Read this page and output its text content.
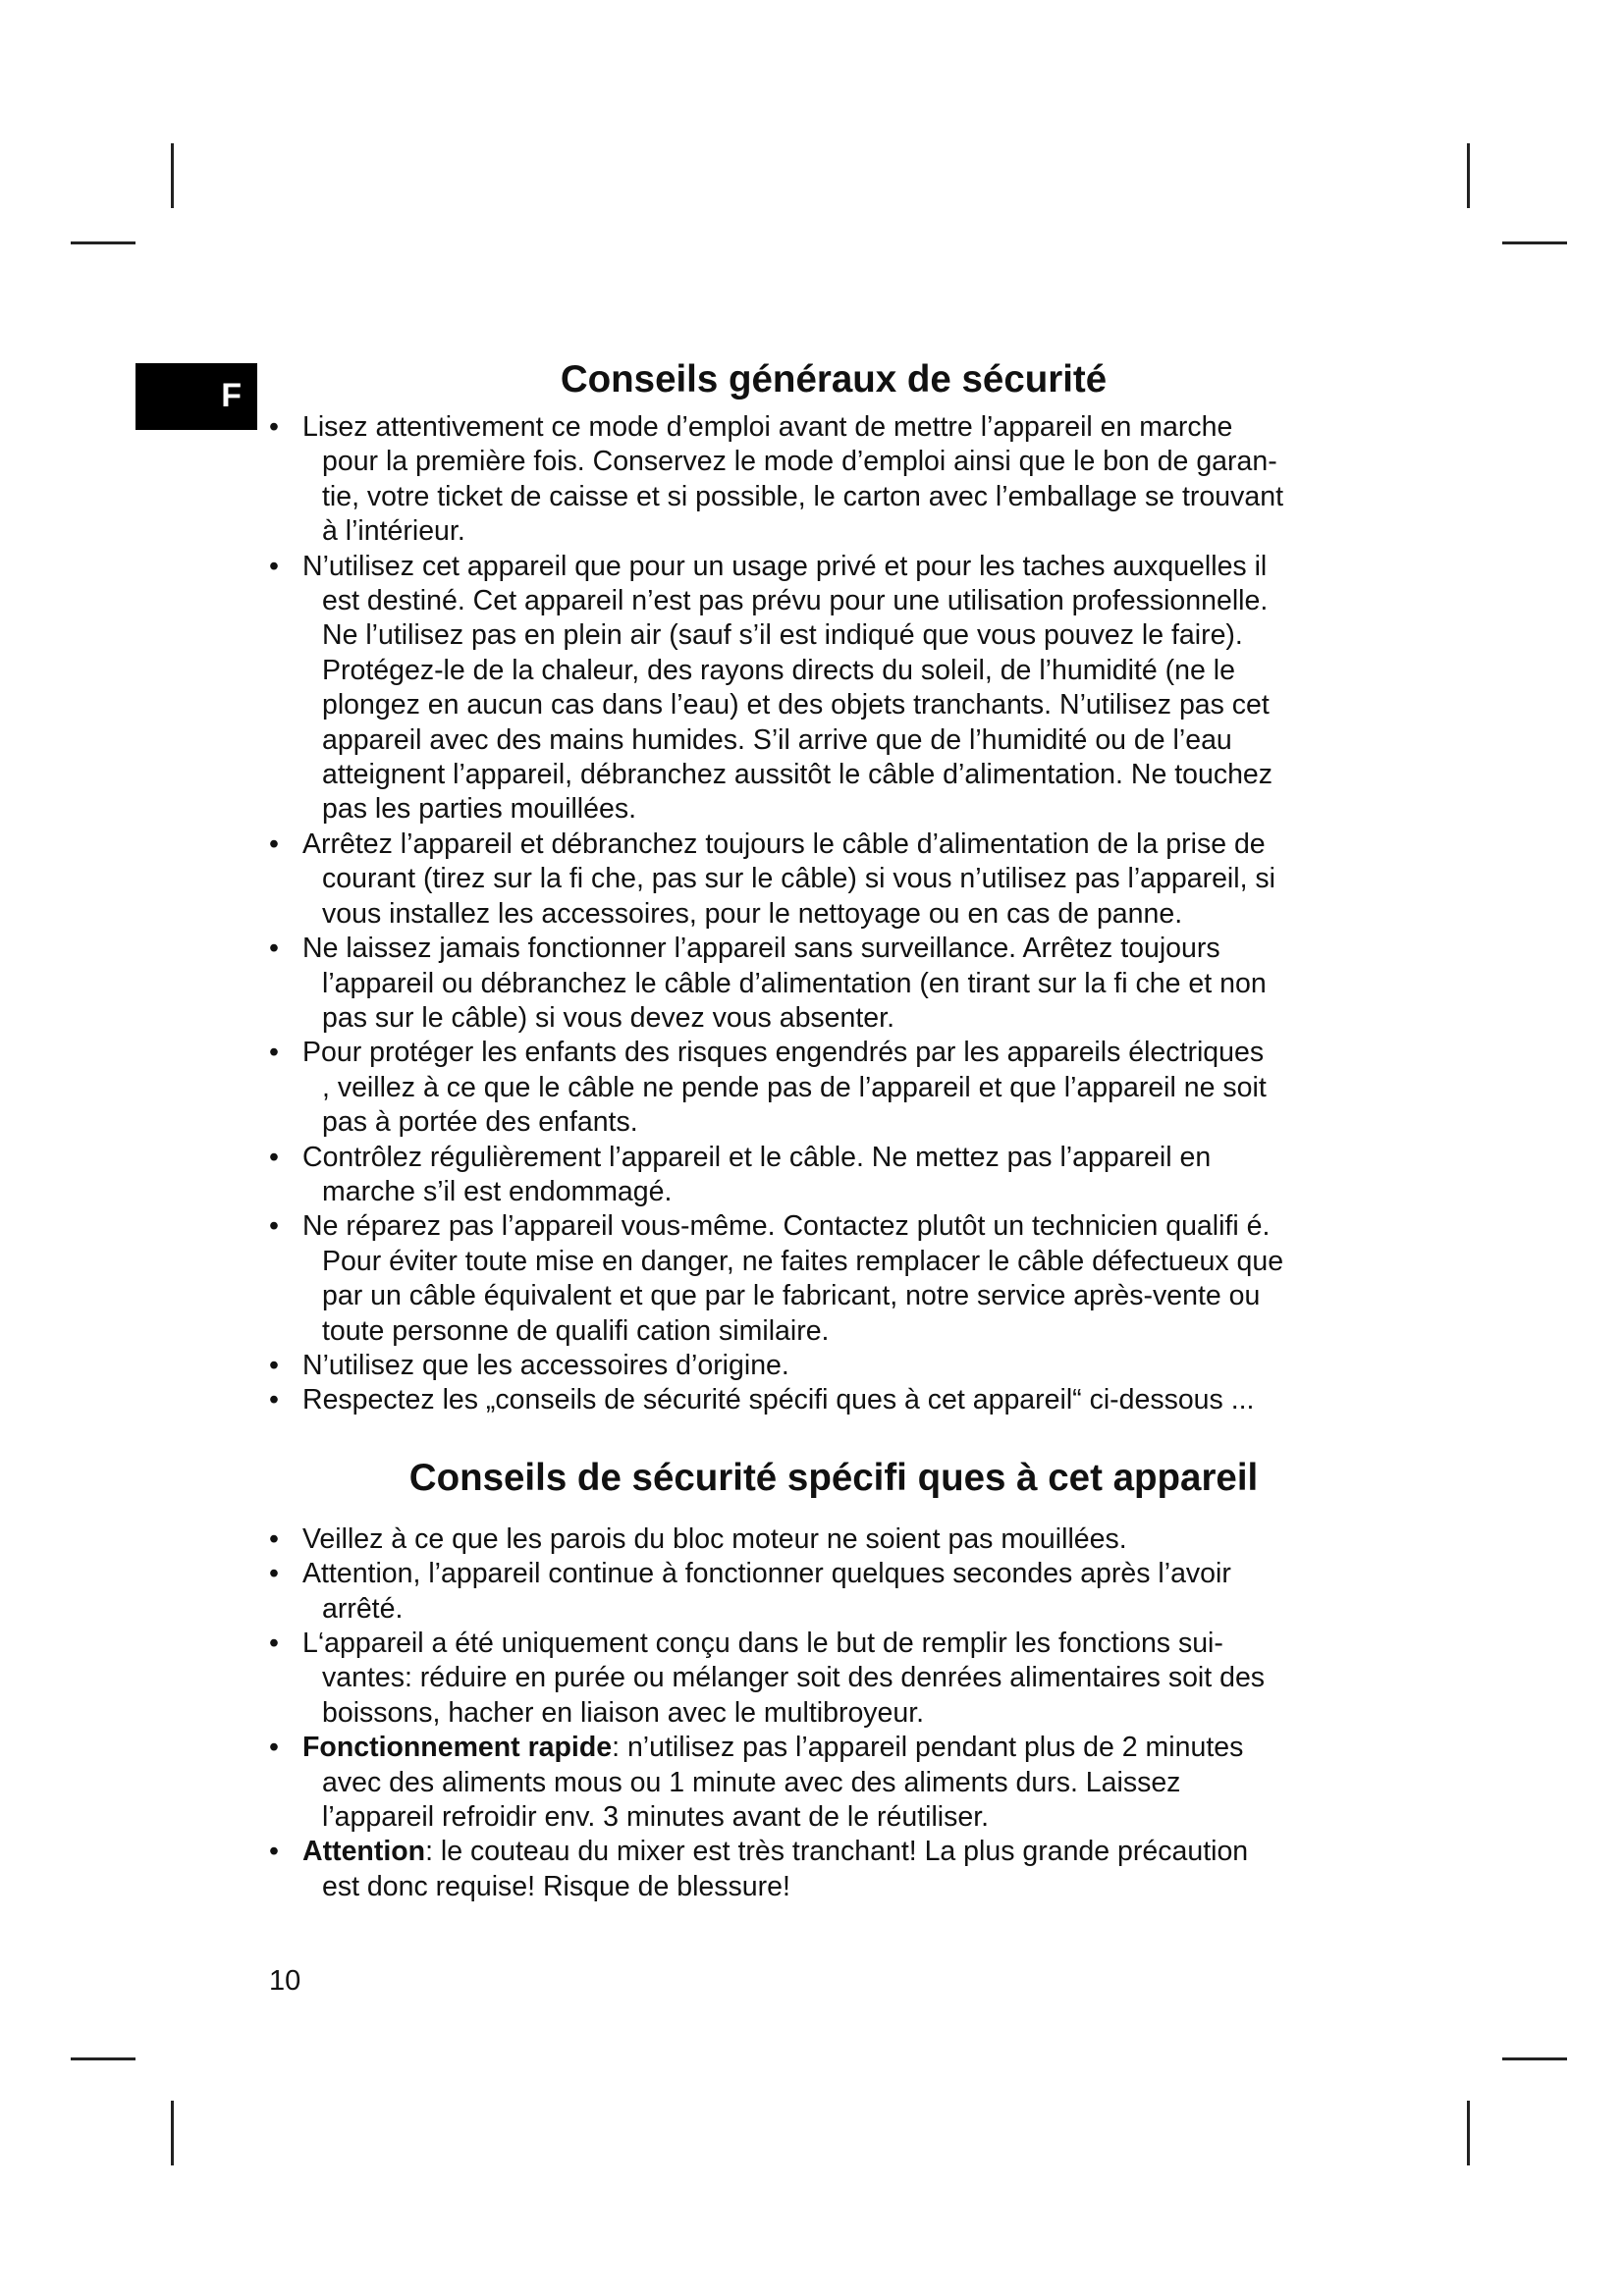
F	Conseils généraux de sécurité
• Lisez attentivement ce mode d’emploi avant de mettre l’appareil en marche
pour la première fois. Conservez le mode d’emploi ainsi que le bon de garan-
tie, votre ticket de caisse et si possible, le carton avec l’emballage se trouvant
à l’intérieur.
• N’utilisez cet appareil que pour un usage privé et pour les taches auxquelles il
est destiné. Cet appareil n’est pas prévu pour une utilisation professionnelle.
Ne l’utilisez pas en plein air (sauf s’il est indiqué que vous pouvez le faire).
Protégez-le de la chaleur, des rayons directs du soleil, de l’humidité (ne le
plongez en aucun cas dans l’eau) et des objets tranchants. N’utilisez pas cet
appareil avec des mains humides. S’il arrive que de l’humidité ou de l’eau
atteignent l’appareil, débranchez aussitôt le câble d’alimentation. Ne touchez
pas les parties mouillées.
• Arrêtez l’appareil et débranchez toujours le câble d’alimentation de la prise de
courant (tirez sur la fi che, pas sur le câble) si vous n’utilisez pas l’appareil, si
vous installez les accessoires, pour le nettoyage ou en cas de panne.
• Ne laissez jamais fonctionner l’appareil sans surveillance. Arrêtez toujours
l’appareil ou débranchez le câble d’alimentation (en tirant sur la fi che et non
pas sur le câble) si vous devez vous absenter.
• Pour protéger les enfants des risques engendrés par les appareils électriques
, veillez à ce que le câble ne pende pas de l’appareil et que l’appareil ne soit
pas à portée des enfants.
• Contrôlez régulièrement l’appareil et le câble. Ne mettez pas l’appareil en
marche s’il est endommagé.
• Ne réparez pas l’appareil vous-même. Contactez plutôt un technicien qualifi é.
Pour éviter toute mise en danger, ne faites remplacer le câble défectueux que
par un câble équivalent et que par le fabricant, notre service après-vente ou
toute personne de qualifi cation similaire.
• N’utilisez que les accessoires d’origine.
• Respectez les „conseils de sécurité spécifi ques à cet appareil“ ci-dessous ...
Conseils de sécurité spécifi ques à cet appareil
• Veillez à ce que les parois du bloc moteur ne soient pas mouillées.
• Attention, l’appareil continue à fonctionner quelques secondes après l’avoir
arrêté.
• L‘appareil a été uniquement conçu dans le but de remplir les fonctions sui-
vantes: réduire en purée ou mélanger soit des denrées alimentaires soit des
boissons, hacher en liaison avec le multibroyeur.
• Fonctionnement rapide: n’utilisez pas l’appareil pendant plus de 2 minutes
avec des aliments mous ou 1 minute avec des aliments durs. Laissez
l’appareil refroidir env. 3 minutes avant de le réutiliser.
• Attention: le couteau du mixer est très tranchant! La plus grande précaution
est donc requise! Risque de blessure!
10
